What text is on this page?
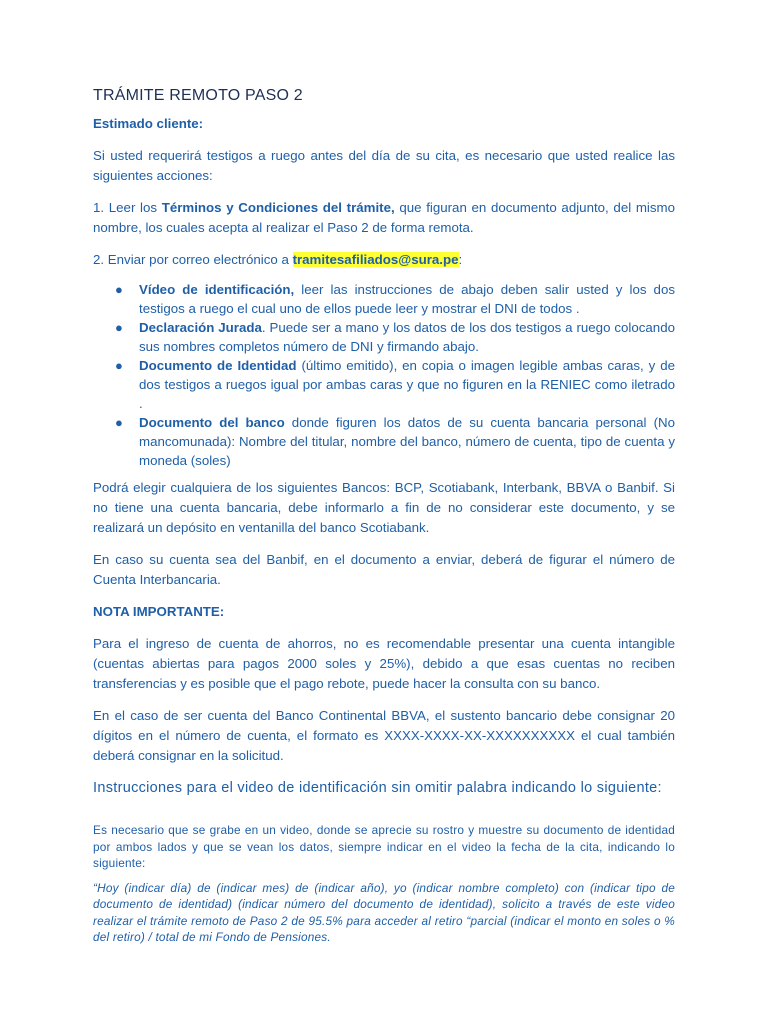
TRÁMITE REMOTO PASO 2
Estimado cliente:

Si usted requerirá testigos a ruego antes del día de su cita, es necesario que usted realice las siguientes acciones:

1. Leer los Términos y Condiciones del trámite, que figuran en documento adjunto, del mismo nombre, los cuales acepta al realizar el Paso 2 de forma remota.

2. Enviar por correo electrónico a tramitesafiliados@sura.pe:

● Vídeo de identificación, leer las instrucciones de abajo deben salir usted y los dos testigos a ruego el cual uno de ellos puede leer y mostrar el DNI de todos .
● Declaración Jurada. Puede ser a mano y los datos de los dos testigos a ruego colocando sus nombres completos número de DNI y firmando abajo.
● Documento de Identidad (último emitido), en copia o imagen legible ambas caras, y de dos testigos a ruegos igual por ambas caras y que no figuren en la RENIEC como iletrado .
● Documento del banco donde figuren los datos de su cuenta bancaria personal (No mancomunada): Nombre del titular, nombre del banco, número de cuenta, tipo de cuenta y moneda (soles)

Podrá elegir cualquiera de los siguientes Bancos: BCP, Scotiabank, Interbank, BBVA o Banbif. Si no tiene una cuenta bancaria, debe informarlo a fin de no considerar este documento, y se realizará un depósito en ventanilla del banco Scotiabank.

En caso su cuenta sea del Banbif, en el documento a enviar, deberá de figurar el número de Cuenta Interbancaria.

NOTA IMPORTANTE:

Para el ingreso de cuenta de ahorros, no es recomendable presentar una cuenta intangible (cuentas abiertas para pagos 2000 soles y 25%), debido a que esas cuentas no reciben transferencias y es posible que el pago rebote, puede hacer la consulta con su banco.

En el caso de ser cuenta del Banco Continental BBVA, el sustento bancario debe consignar 20 dígitos en el número de cuenta, el formato es XXXX-XXXX-XX-XXXXXXXXXX el cual también deberá consignar en la solicitud.

Instrucciones para el video de identificación sin omitir palabra indicando lo siguiente:
Es necesario que se grabe en un video, donde se aprecie su rostro y muestre su documento de identidad por ambos lados y que se vean los datos, siempre indicar en el video la fecha de la cita, indicando lo siguiente:
“Hoy (indicar día) de (indicar mes) de (indicar año), yo (indicar nombre completo) con (indicar tipo de documento de identidad) (indicar número del documento de identidad), solicito a través de este video realizar el trámite remoto de Paso 2 de 95.5% para acceder al retiro “parcial (indicar el monto en soles o % del retiro) / total de mi Fondo de Pensiones.
